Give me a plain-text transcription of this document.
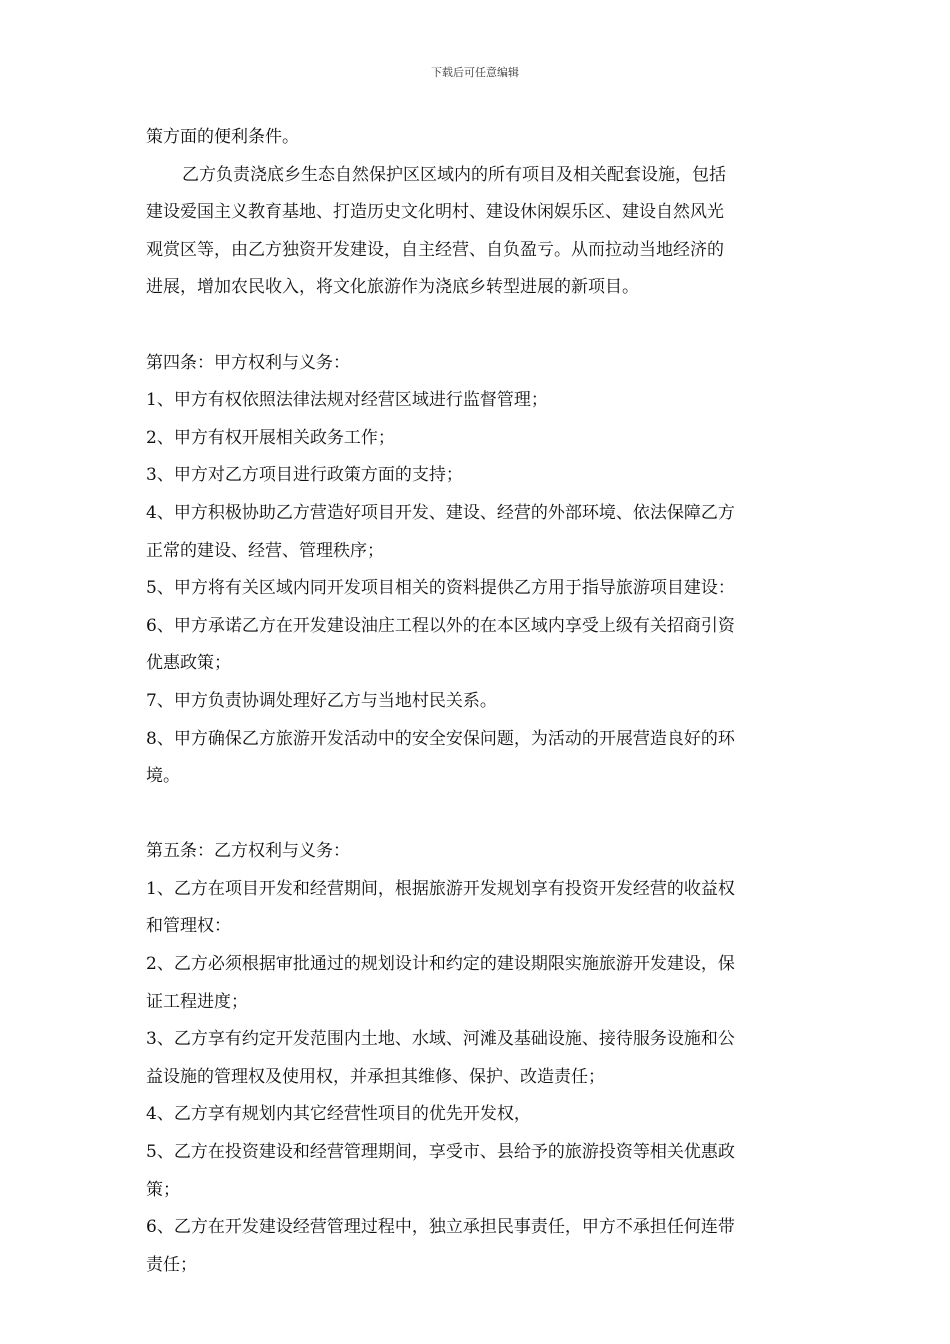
下载后可任意编辑
策方面的便利条件。
乙方负责浇底乡生态自然保护区区域内的所有项目及相关配套设施，包括
建设爱国主义教育基地、打造历史文化明村、建设休闲娱乐区、建设自然风光
观赏区等，由乙方独资开发建设，自主经营、自负盈亏。从而拉动当地经济的
进展，增加农民收入，将文化旅游作为浇底乡转型进展的新项目。
第四条：甲方权利与义务：
1、甲方有权依照法律法规对经营区域进行监督管理；
2、甲方有权开展相关政务工作；
3、甲方对乙方项目进行政策方面的支持；
4、甲方积极协助乙方营造好项目开发、建设、经营的外部环境、依法保障乙方
正常的建设、经营、管理秩序；
5、甲方将有关区域内同开发项目相关的资料提供乙方用于指导旅游项目建设：
6、甲方承诺乙方在开发建设油庄工程以外的在本区域内享受上级有关招商引资
优惠政策；
7、甲方负责协调处理好乙方与当地村民关系。
8、甲方确保乙方旅游开发活动中的安全安保问题，为活动的开展营造良好的环
境。
第五条：乙方权利与义务：
1、乙方在项目开发和经营期间，根据旅游开发规划享有投资开发经营的收益权
和管理权：
2、乙方必须根据审批通过的规划设计和约定的建设期限实施旅游开发建设，保
证工程进度；
3、乙方享有约定开发范围内土地、水域、河滩及基础设施、接待服务设施和公
益设施的管理权及使用权，并承担其维修、保护、改造责任；
4、乙方享有规划内其它经营性项目的优先开发权，
5、乙方在投资建设和经营管理期间，享受市、县给予的旅游投资等相关优惠政
策；
6、乙方在开发建设经营管理过程中，独立承担民事责任，甲方不承担任何连带
责任；
